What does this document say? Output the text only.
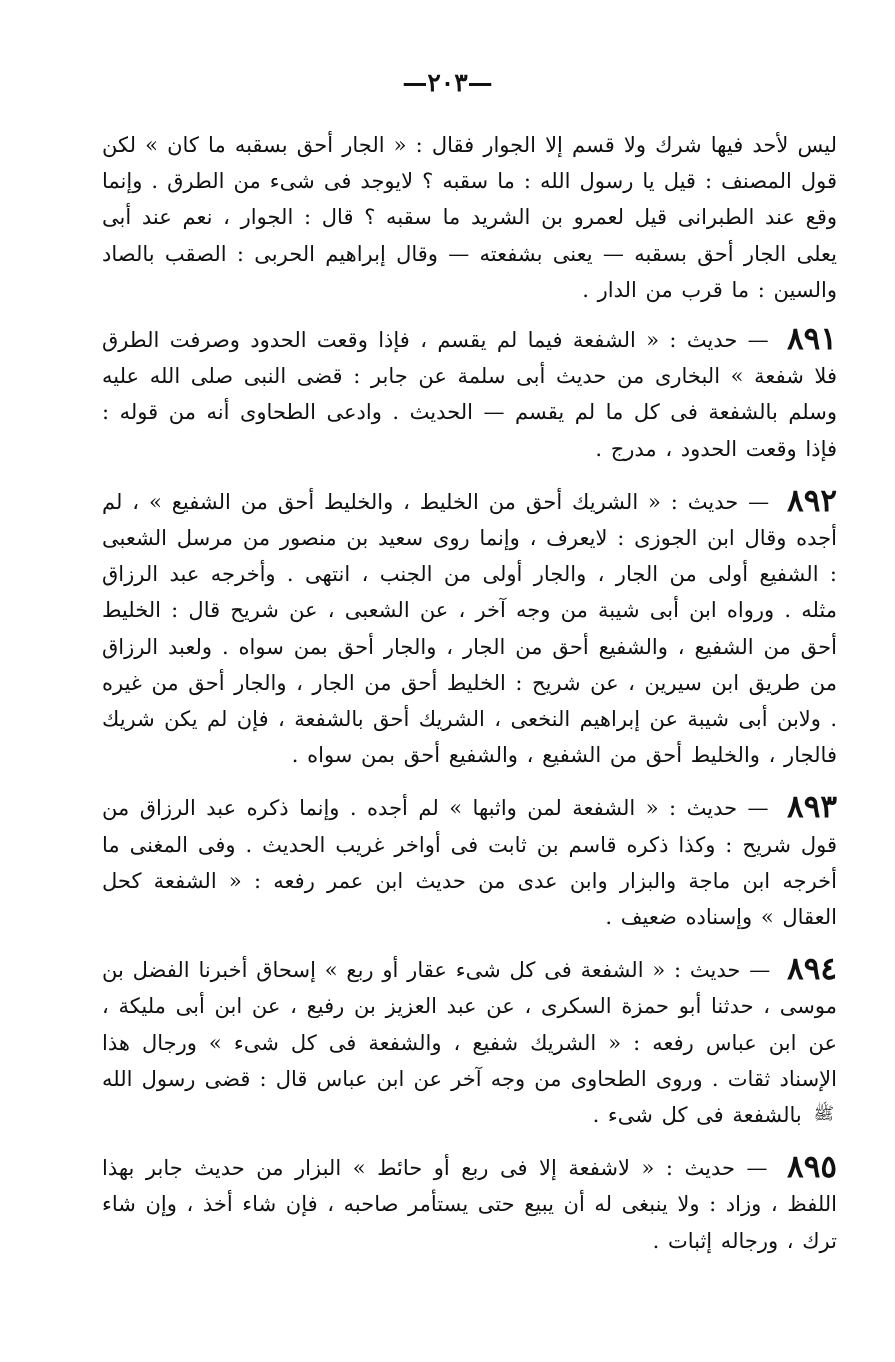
—٢٠٣—

ليس لأحد فيها شرك ولا قسم إلا الجوار فقال : « الجار أحق بسقبه ما كان » لكن قول المصنف : قيل يا رسول الله : ما سقبه ؟ لايوجد فى شىء من الطرق . وإنما وقع عند الطبرانى قيل لعمرو بن الشريد ما سقبه ؟ قال : الجوار ، نعم عند أبى يعلى الجار أحق بسقبه — يعنى بشفعته — وقال إبراهيم الحربى : الصقب بالصاد والسين : ما قرب من الدار .

٨٩١ — حديث : « الشفعة فيما لم يقسم ، فإذا وقعت الحدود وصرفت الطرق فلا شفعة » البخارى من حديث أبى سلمة عن جابر : قضى النبى صلى الله عليه وسلم بالشفعة فى كل ما لم يقسم — الحديث . وادعى الطحاوى أنه من قوله : فإذا وقعت الحدود ، مدرج .

٨٩٢ — حديث : « الشريك أحق من الخليط ، والخليط أحق من الشفيع » ، لم أجده وقال ابن الجوزى : لايعرف ، وإنما روى سعيد بن منصور من مرسل الشعبى : الشفيع أولى من الجار ، والجار أولى من الجنب ، انتهى . وأخرجه عبد الرزاق مثله . ورواه ابن أبى شيبة من وجه آخر ، عن الشعبى ، عن شريح قال : الخليط أحق من الشفيع ، والشفيع أحق من الجار ، والجار أحق بمن سواه . ولعبد الرزاق من طريق ابن سيرين ، عن شريح : الخليط أحق من الجار ، والجار أحق من غيره . ولابن أبى شيبة عن إبراهيم النخعى ، الشريك أحق بالشفعة ، فإن لم يكن شريك فالجار ، والخليط أحق من الشفيع ، والشفيع أحق بمن سواه .

٨٩٣ — حديث : « الشفعة لمن واثبها » لم أجده . وإنما ذكره عبد الرزاق من قول شريح : وكذا ذكره قاسم بن ثابت فى أواخر غريب الحديث . وفى المغنى ما أخرجه ابن ماجة والبزار وابن عدى من حديث ابن عمر رفعه : « الشفعة كحل العقال » وإسناده ضعيف .

٨٩٤ — حديث : « الشفعة فى كل شىء عقار أو ربع » إسحاق أخبرنا الفضل بن موسى ، حدثنا أبو حمزة السكرى ، عن عبد العزيز بن رفيع ، عن ابن أبى مليكة ، عن ابن عباس رفعه : « الشريك شفيع ، والشفعة فى كل شىء » ورجال هذا الإسناد ثقات . وروى الطحاوى من وجه آخر عن ابن عباس قال : قضى رسول الله ﷺ بالشفعة فى كل شىء .

٨٩٥ — حديث : « لاشفعة إلا فى ربع أو حائط » البزار من حديث جابر بهذا اللفظ ، وزاد : ولا ينبغى له أن يبيع حتى يستأمر صاحبه ، فإن شاء أخذ ، وإن شاء ترك ، ورجاله إثبات .
